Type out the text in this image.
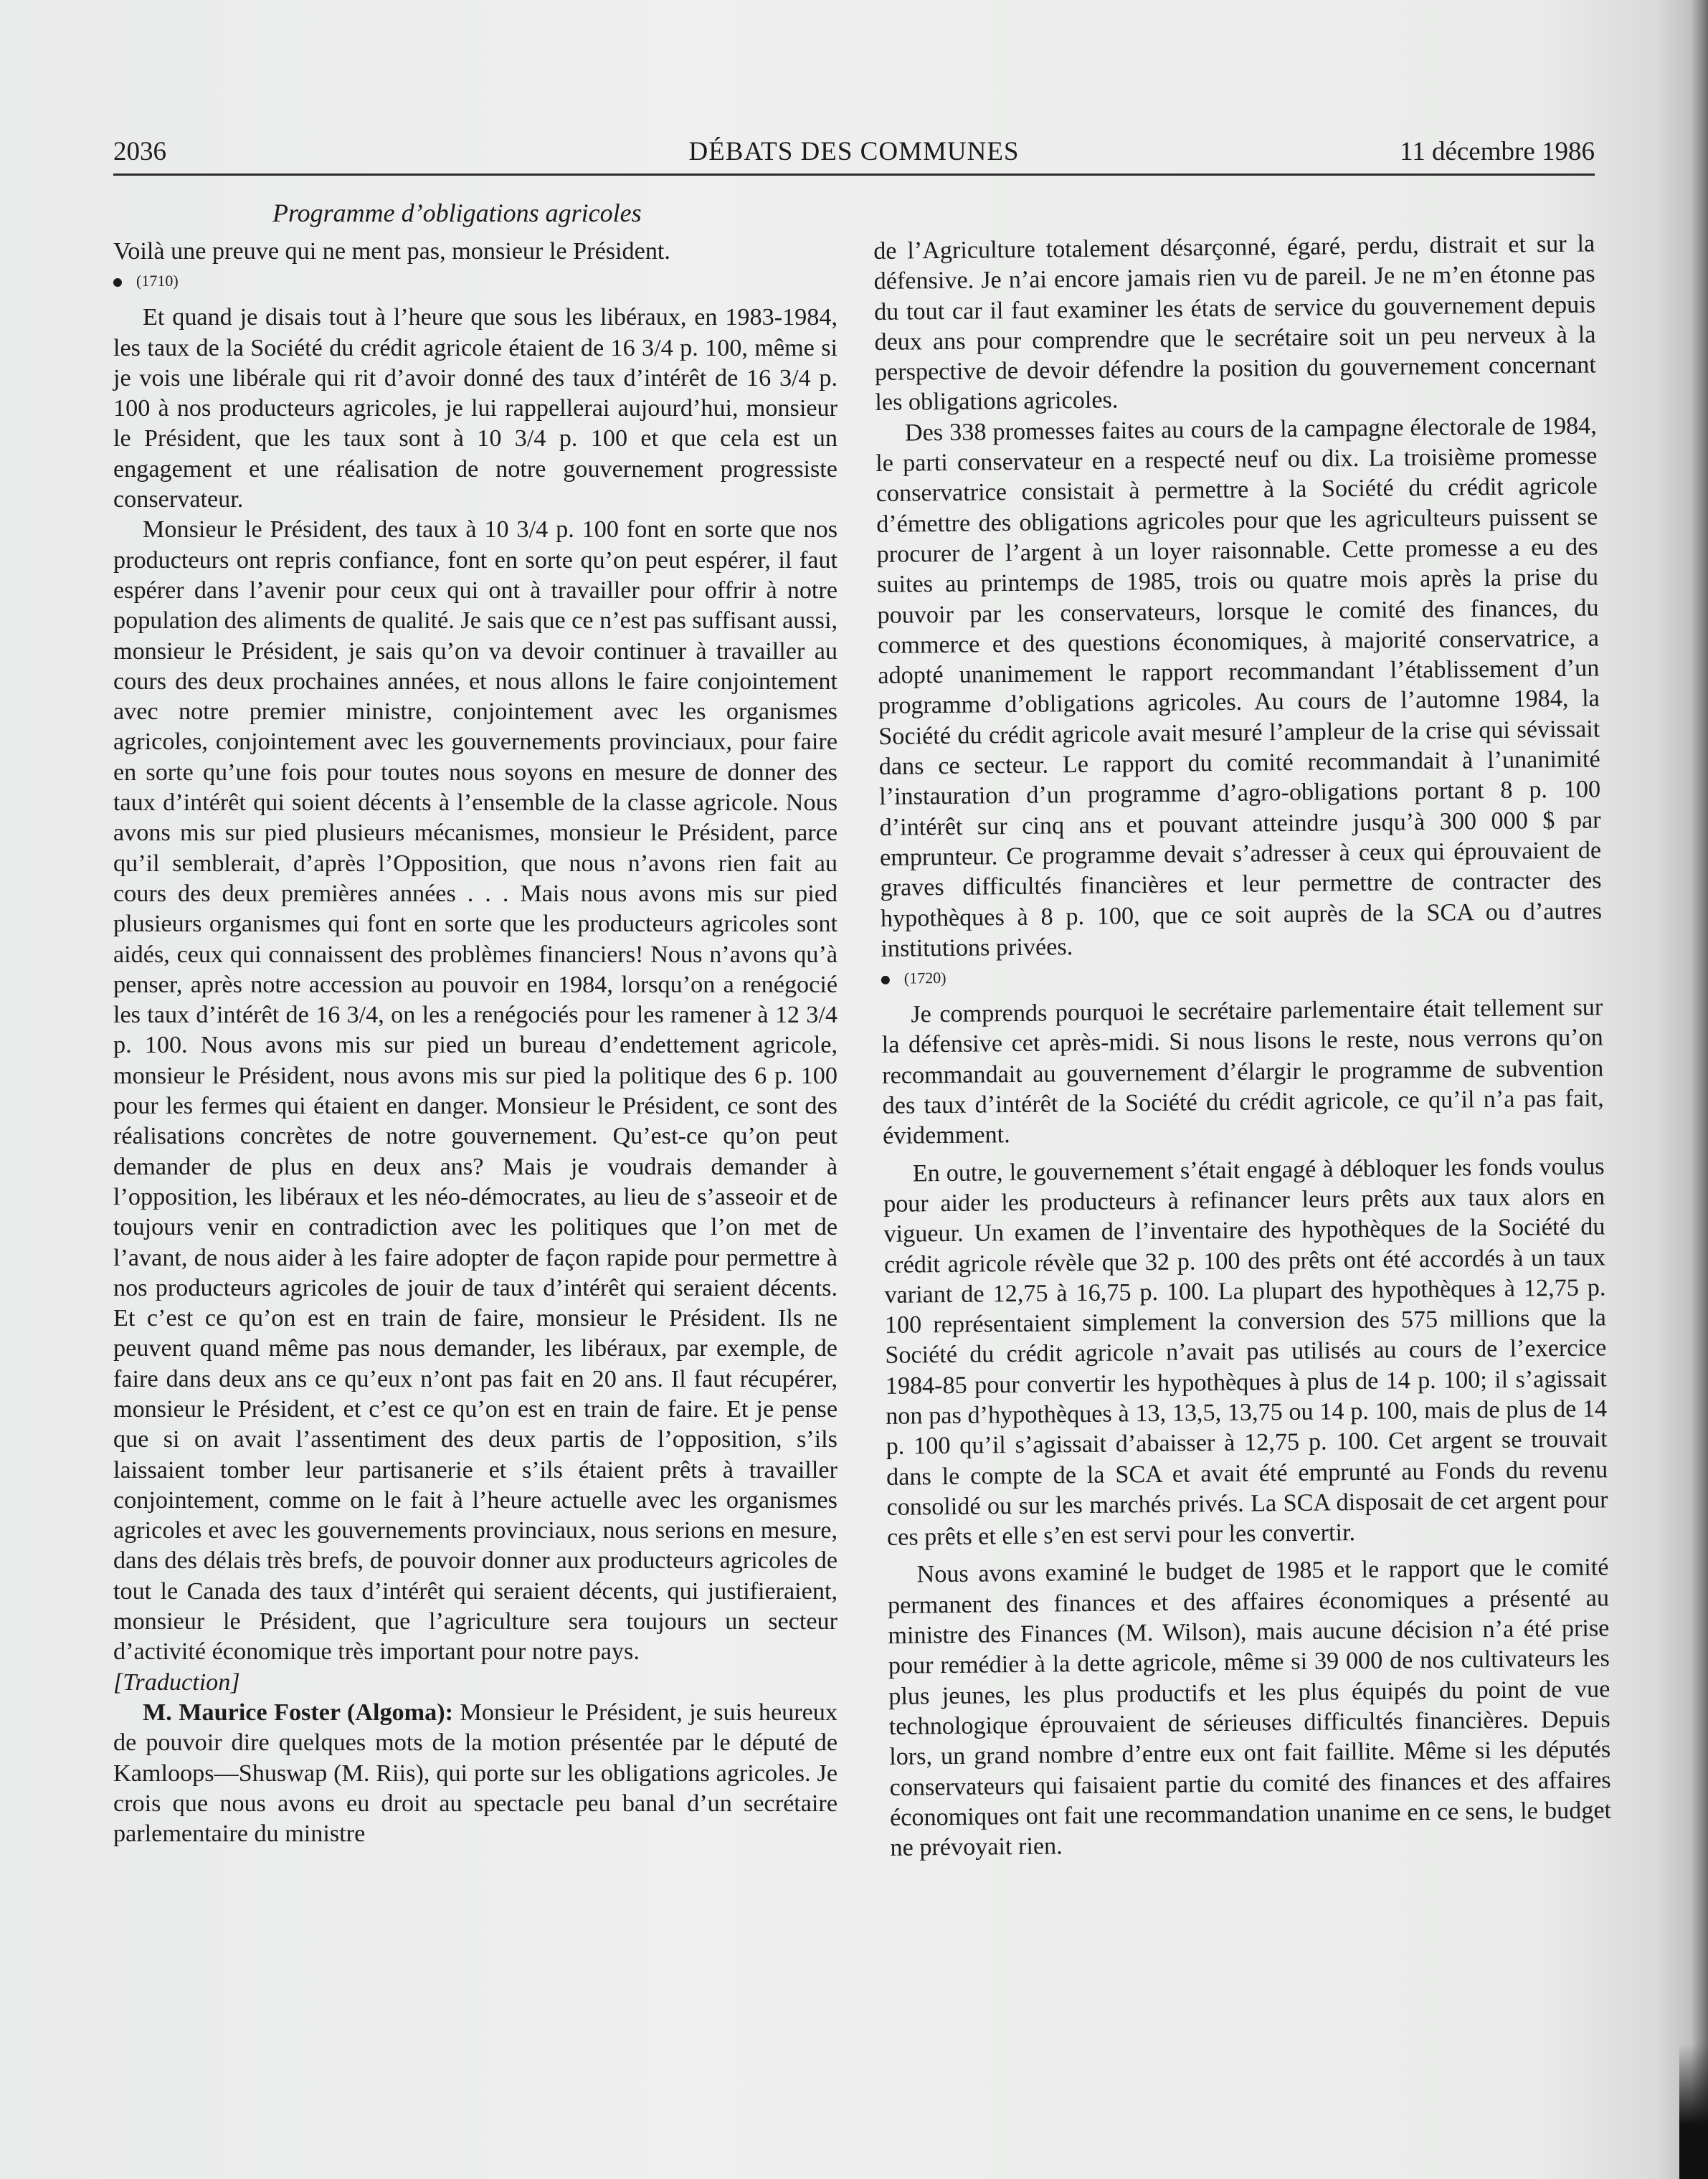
2036	DÉBATS DES COMMUNES	11 décembre 1986
Programme d’obligations agricoles

Voilà une preuve qui ne ment pas, monsieur le Président.

(1710)

Et quand je disais tout à l’heure que sous les libéraux, en 1983-1984, les taux de la Société du crédit agricole étaient de 16 3/4 p. 100, même si je vois une libérale qui rit d’avoir donné des taux d’intérêt de 16 3/4 p. 100 à nos producteurs agricoles, je lui rappellerai aujourd’hui, monsieur le Président, que les taux sont à 10 3/4 p. 100 et que cela est un engagement et une réalisation de notre gouvernement progressiste conservateur.

Monsieur le Président, des taux à 10 3/4 p. 100 font en sorte que nos producteurs ont repris confiance, font en sorte qu’on peut espérer, il faut espérer dans l’avenir pour ceux qui ont à travailler pour offrir à notre population des aliments de qualité. Je sais que ce n’est pas suffisant aussi, monsieur le Président, je sais qu’on va devoir continuer à travailler au cours des deux prochaines années, et nous allons le faire conjointement avec notre premier ministre, conjointement avec les organismes agricoles, conjointement avec les gouvernements provinciaux, pour faire en sorte qu’une fois pour toutes nous soyons en mesure de donner des taux d’intérêt qui soient décents à l’ensemble de la classe agricole. Nous avons mis sur pied plusieurs mécanismes, monsieur le Président, parce qu’il semblerait, d’après l’Opposition, que nous n’avons rien fait au cours des deux premières années . . . Mais nous avons mis sur pied plusieurs organismes qui font en sorte que les producteurs agricoles sont aidés, ceux qui connaissent des problèmes financiers! Nous n’avons qu’à penser, après notre accession au pouvoir en 1984, lorsqu’on a renégocié les taux d’intérêt de 16 3/4, on les a renégociés pour les ramener à 12 3/4 p. 100. Nous avons mis sur pied un bureau d’endettement agricole, monsieur le Président, nous avons mis sur pied la politique des 6 p. 100 pour les fermes qui étaient en danger. Monsieur le Président, ce sont des réalisations concrètes de notre gouvernement. Qu’est-ce qu’on peut demander de plus en deux ans? Mais je voudrais demander à l’opposition, les libéraux et les néo-démocrates, au lieu de s’asseoir et de toujours venir en contradiction avec les politiques que l’on met de l’avant, de nous aider à les faire adopter de façon rapide pour permettre à nos producteurs agricoles de jouir de taux d’intérêt qui seraient décents. Et c’est ce qu’on est en train de faire, monsieur le Président. Ils ne peuvent quand même pas nous demander, les libéraux, par exemple, de faire dans deux ans ce qu’eux n’ont pas fait en 20 ans. Il faut récupérer, monsieur le Président, et c’est ce qu’on est en train de faire. Et je pense que si on avait l’assentiment des deux partis de l’opposition, s’ils laissaient tomber leur partisanerie et s’ils étaient prêts à travailler conjointement, comme on le fait à l’heure actuelle avec les organismes agricoles et avec les gouvernements provinciaux, nous serions en mesure, dans des délais très brefs, de pouvoir donner aux producteurs agricoles de tout le Canada des taux d’intérêt qui seraient décents, qui justifieraient, monsieur le Président, que l’agriculture sera toujours un secteur d’activité économique très important pour notre pays.

[Traduction]

M. Maurice Foster (Algoma): Monsieur le Président, je suis heureux de pouvoir dire quelques mots de la motion présentée par le député de Kamloops—Shuswap (M. Riis), qui porte sur les obligations agricoles. Je crois que nous avons eu droit au spectacle peu banal d’un secrétaire parlementaire du ministre

de l’Agriculture totalement désarçonné, égaré, perdu, distrait et sur la défensive. Je n’ai encore jamais rien vu de pareil. Je ne m’en étonne pas du tout car il faut examiner les états de service du gouvernement depuis deux ans pour comprendre que le secrétaire soit un peu nerveux à la perspective de devoir défendre la position du gouvernement concernant les obligations agricoles.

Des 338 promesses faites au cours de la campagne électorale de 1984, le parti conservateur en a respecté neuf ou dix. La troisième promesse conservatrice consistait à permettre à la Société du crédit agricole d’émettre des obligations agricoles pour que les agriculteurs puissent se procurer de l’argent à un loyer raisonnable. Cette promesse a eu des suites au printemps de 1985, trois ou quatre mois après la prise du pouvoir par les conservateurs, lorsque le comité des finances, du commerce et des questions économiques, à majorité conservatrice, a adopté unanimement le rapport recommandant l’établissement d’un programme d’obligations agricoles. Au cours de l’automne 1984, la Société du crédit agricole avait mesuré l’ampleur de la crise qui sévissait dans ce secteur. Le rapport du comité recommandait à l’unanimité l’instauration d’un programme d’agro-obligations portant 8 p. 100 d’intérêt sur cinq ans et pouvant atteindre jusqu’à 300 000 $ par emprunteur. Ce programme devait s’adresser à ceux qui éprouvaient de graves difficultés financières et leur permettre de contracter des hypothèques à 8 p. 100, que ce soit auprès de la SCA ou d’autres institutions privées.

(1720)

Je comprends pourquoi le secrétaire parlementaire était tellement sur la défensive cet après-midi. Si nous lisons le reste, nous verrons qu’on recommandait au gouvernement d’élargir le programme de subvention des taux d’intérêt de la Société du crédit agricole, ce qu’il n’a pas fait, évidemment.

En outre, le gouvernement s’était engagé à débloquer les fonds voulus pour aider les producteurs à refinancer leurs prêts aux taux alors en vigueur. Un examen de l’inventaire des hypothèques de la Société du crédit agricole révèle que 32 p. 100 des prêts ont été accordés à un taux variant de 12,75 à 16,75 p. 100. La plupart des hypothèques à 12,75 p. 100 représentaient simplement la conversion des 575 millions que la Société du crédit agricole n’avait pas utilisés au cours de l’exercice 1984-85 pour convertir les hypothèques à plus de 14 p. 100; il s’agissait non pas d’hypothèques à 13, 13,5, 13,75 ou 14 p. 100, mais de plus de 14 p. 100 qu’il s’agissait d’abaisser à 12,75 p. 100. Cet argent se trouvait dans le compte de la SCA et avait été emprunté au Fonds du revenu consolidé ou sur les marchés privés. La SCA disposait de cet argent pour ces prêts et elle s’en est servi pour les convertir.

Nous avons examiné le budget de 1985 et le rapport que le comité permanent des finances et des affaires économiques a présenté au ministre des Finances (M. Wilson), mais aucune décision n’a été prise pour remédier à la dette agricole, même si 39 000 de nos cultivateurs les plus jeunes, les plus productifs et les plus équipés du point de vue technologique éprouvaient de sérieuses difficultés financières. Depuis lors, un grand nombre d’entre eux ont fait faillite. Même si les députés conservateurs qui faisaient partie du comité des finances et des affaires économiques ont fait une recommandation unanime en ce sens, le budget ne prévoyait rien.
